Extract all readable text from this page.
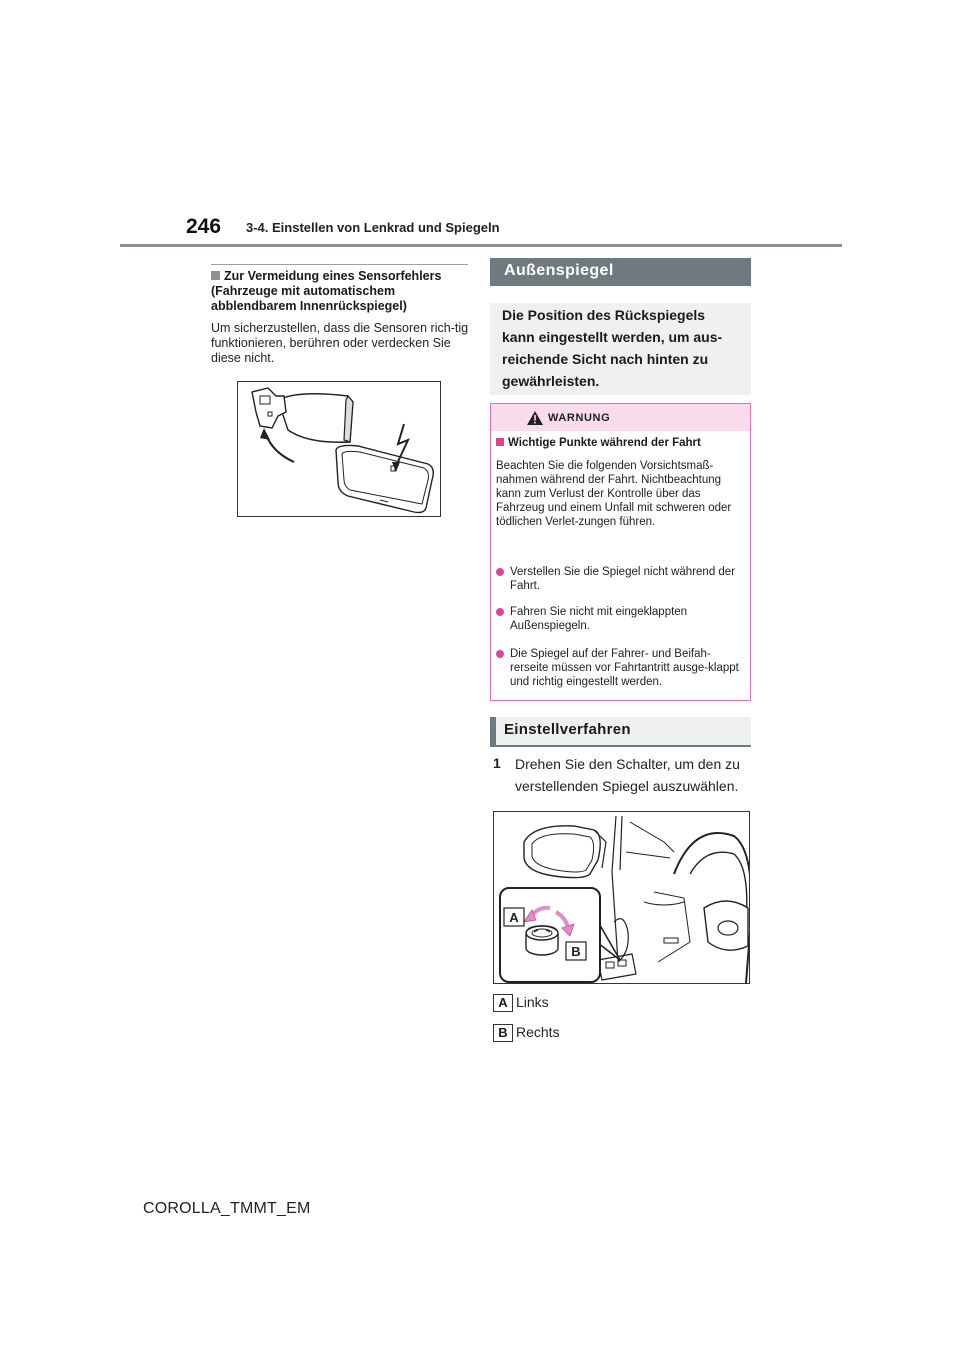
246 3-4. Einstellen von Lenkrad und Spiegeln
Zur Vermeidung eines Sensorfehlers (Fahrzeuge mit automatischem abblendbarem Innenrückspiegel)
Um sicherzustellen, dass die Sensoren rich-tig funktionieren, berühren oder verdecken Sie diese nicht.
Außenspiegel
Die Position des Rückspiegels kann eingestellt werden, um aus-reichende Sicht nach hinten zu gewährleisten.
WARNUNG
Wichtige Punkte während der Fahrt
Beachten Sie die folgenden Vorsichtsmaß-nahmen während der Fahrt. Nichtbeachtung kann zum Verlust der Kontrolle über das Fahrzeug und einem Unfall mit schweren oder tödlichen Verlet-zungen führen.
Verstellen Sie die Spiegel nicht während der Fahrt.
Fahren Sie nicht mit eingeklappten Außenspiegeln.
Die Spiegel auf der Fahrer- und Beifah-rerseite müssen vor Fahrtantritt ausge-klappt und richtig eingestellt werden.
Einstellverfahren
1 Drehen Sie den Schalter, um den zu verstellenden Spiegel auszuwählen.
A
B
A Links
B Rechts
COROLLA_TMMT_EM
